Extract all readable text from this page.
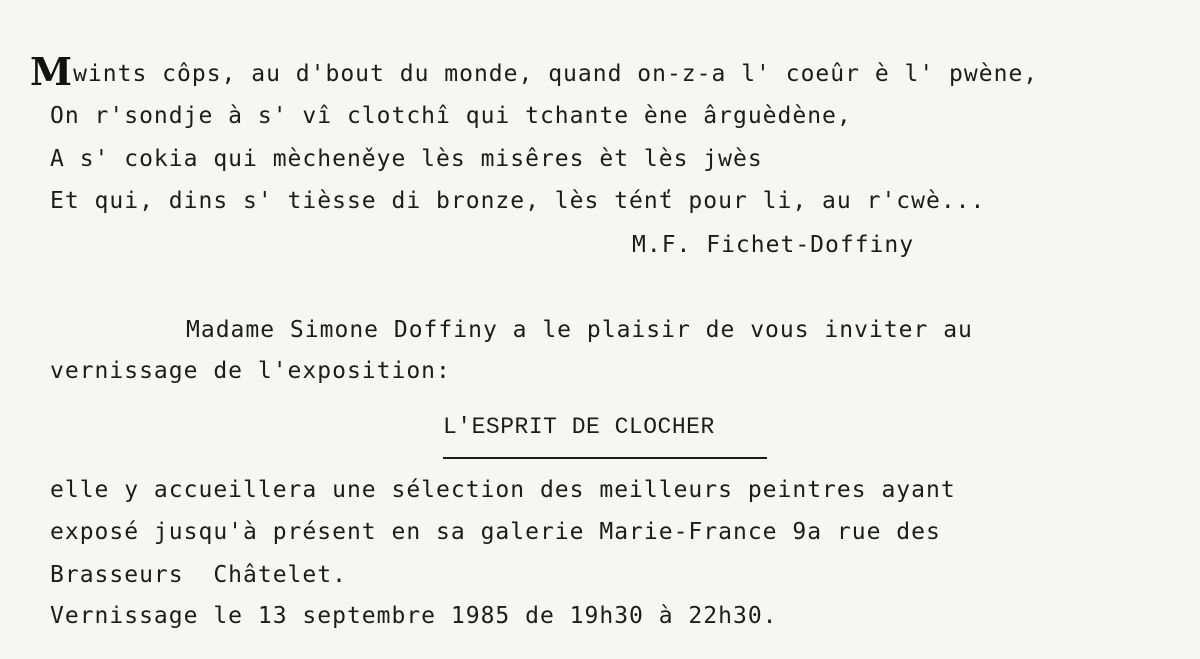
Mwints côps, au d'bout du monde, quand on-z-a l' coeûr è l' pwène,
On r'sondje à s' vî clotchî qui tchante ène ârguèdène,
A s' cokia qui mècheněye lès misêres èt lès jwès
Et qui, dins s' tièsse di bronze, lès ténť pour li, au r'cwè...
M.F. Fichet-Doffiny
Madame Simone Doffiny a le plaisir de vous inviter au
vernissage de l'exposition:
L'ESPRIT DE CLOCHER
elle y accueillera une sélection des meilleurs peintres ayant
exposé jusqu'à présent en sa galerie Marie-France 9a rue des
Brasseurs  Châtelet.
Vernissage le 13 septembre 1985 de 19h30 à 22h30.
